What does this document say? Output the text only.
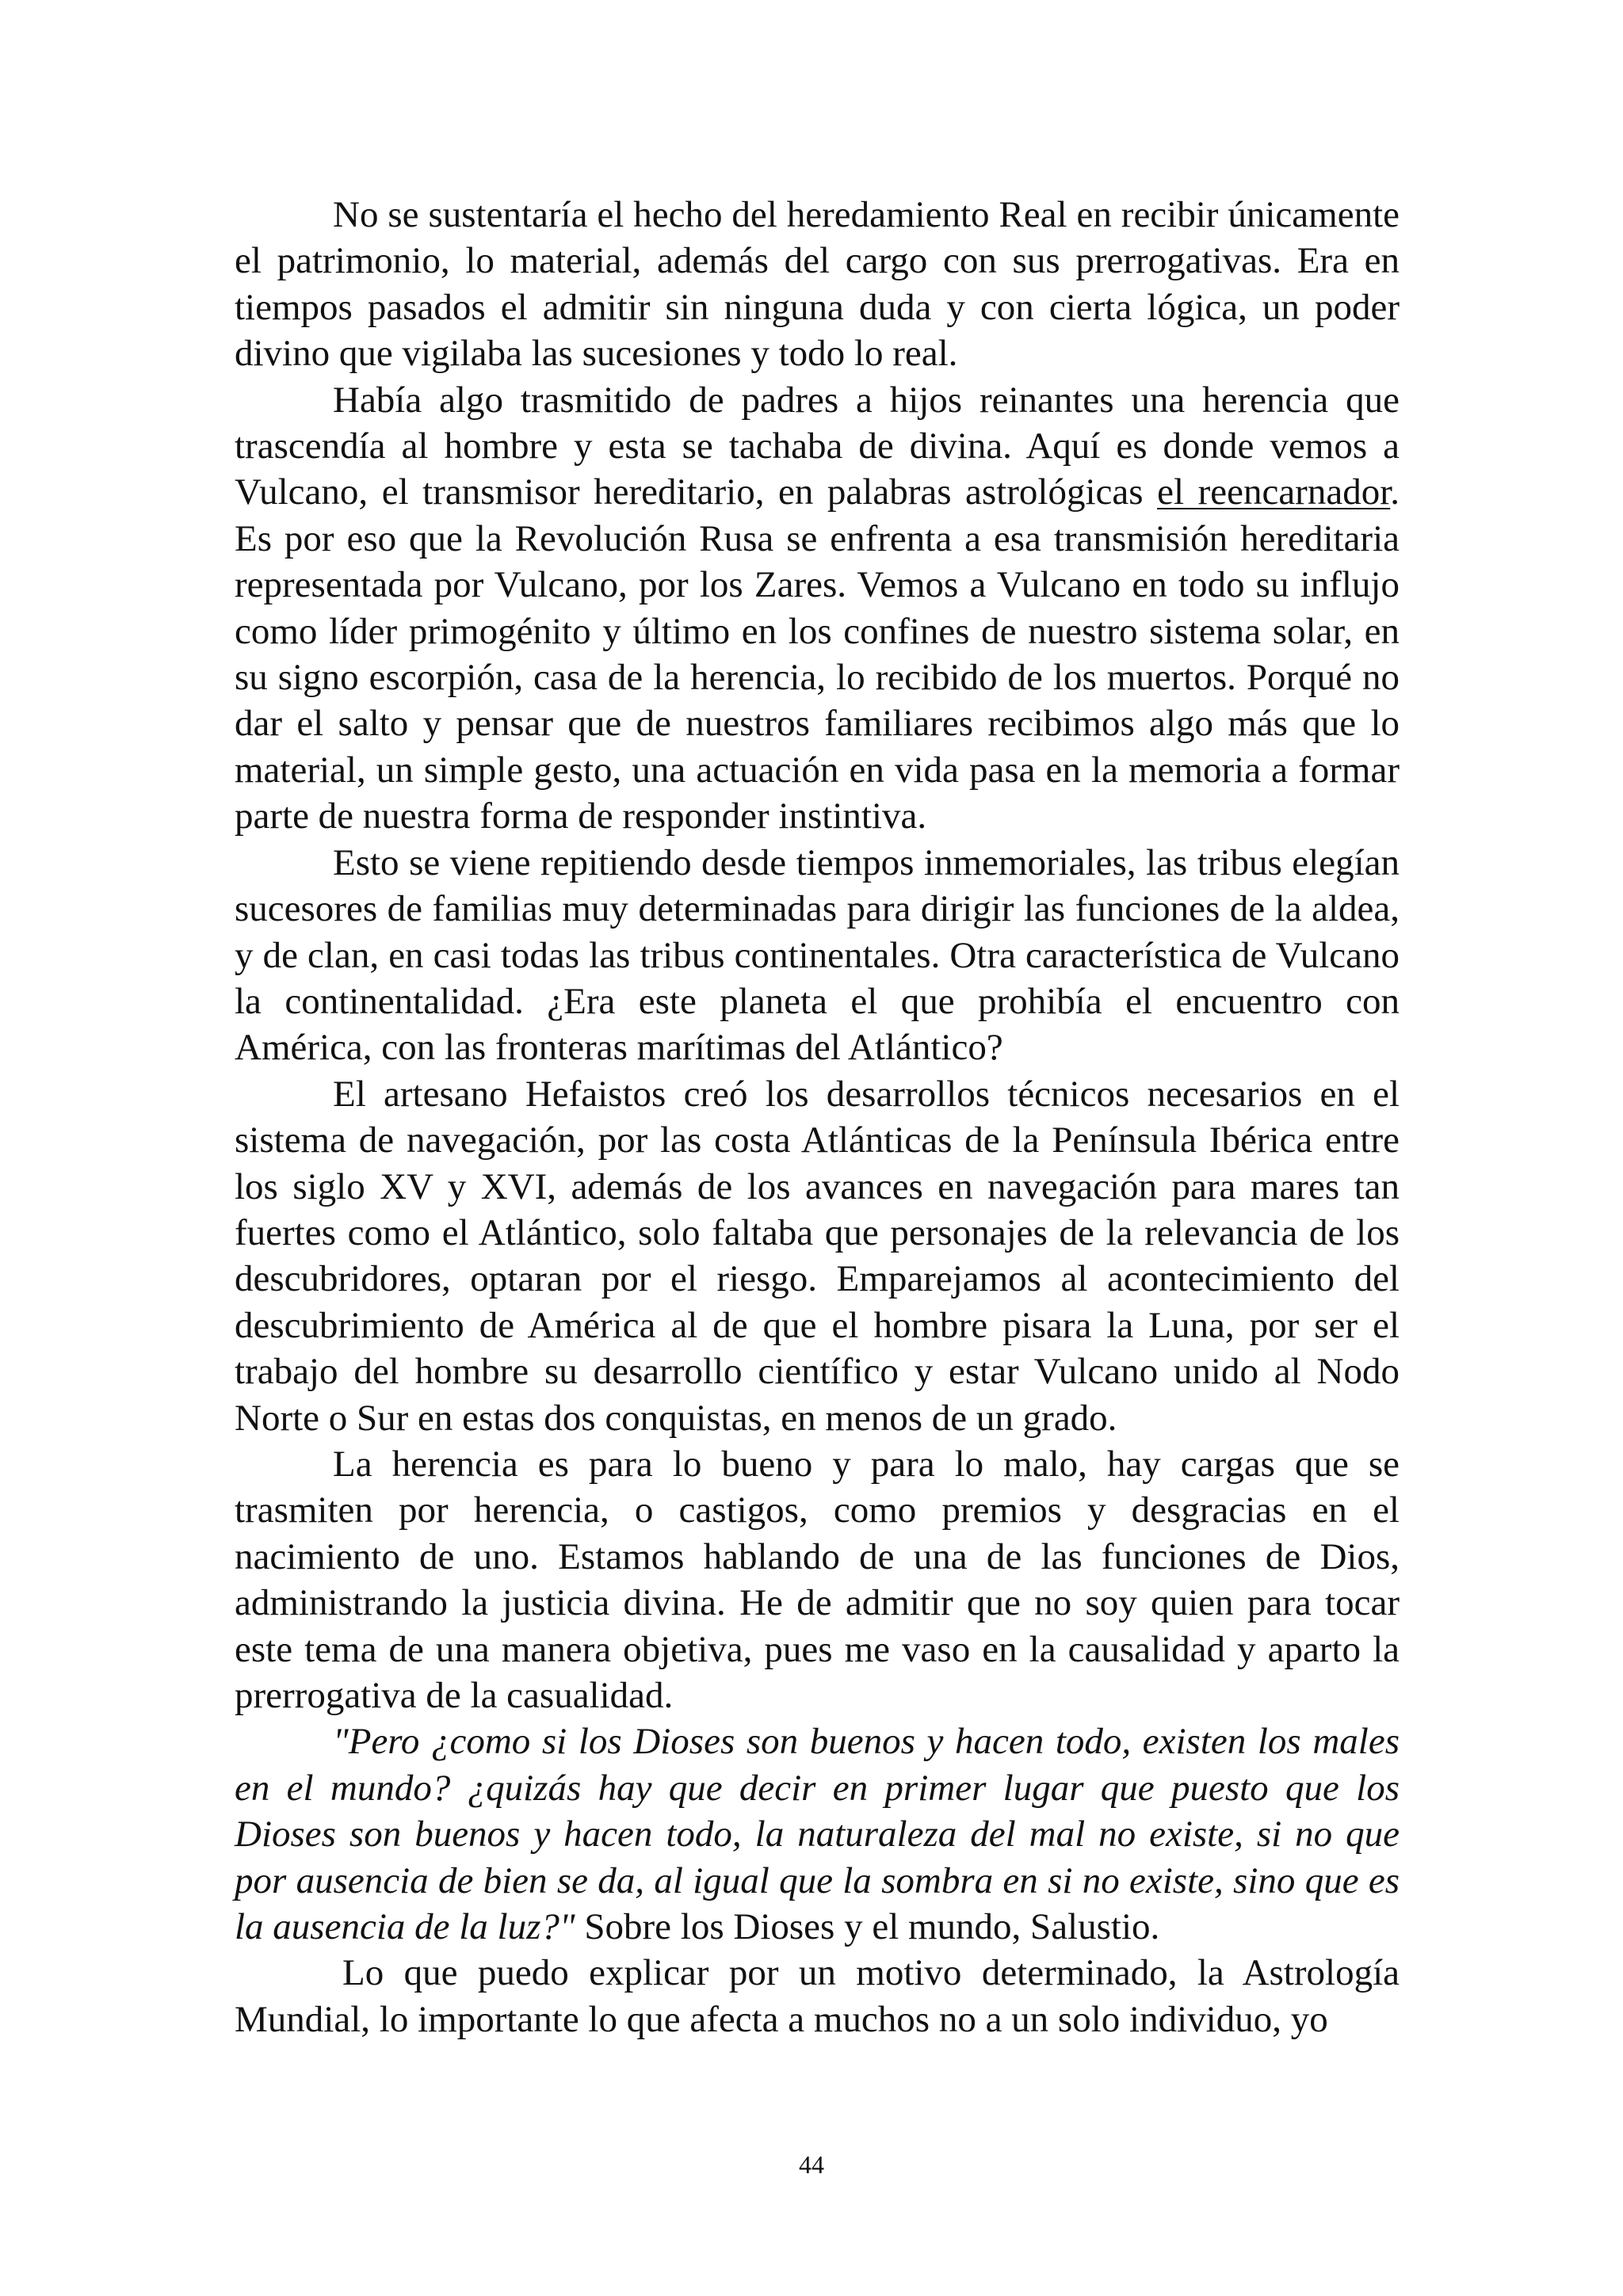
No se sustentaría el hecho del heredamiento Real en recibir únicamente el patrimonio, lo material, además del cargo con sus prerrogativas. Era en tiempos pasados el admitir sin ninguna duda y con cierta lógica, un poder divino que vigilaba las sucesiones y todo lo real.

Había algo trasmitido de padres a hijos reinantes una herencia que trascendía al hombre y esta se tachaba de divina. Aquí es donde vemos a Vulcano, el transmisor hereditario, en palabras astrológicas el reencarnador. Es por eso que la Revolución Rusa se enfrenta a esa transmisión hereditaria representada por Vulcano, por los Zares. Vemos a Vulcano en todo su influjo como líder primogénito y último en los confines de nuestro sistema solar, en su signo escorpión, casa de la herencia, lo recibido de los muertos. Porqué no dar el salto y pensar que de nuestros familiares recibimos algo más que lo material, un simple gesto, una actuación en vida pasa en la memoria a formar parte de nuestra forma de responder instintiva.

Esto se viene repitiendo desde tiempos inmemoriales, las tribus elegían sucesores de familias muy determinadas para dirigir las funciones de la aldea, y de clan, en casi todas las tribus continentales. Otra característica de Vulcano la continentalidad. ¿Era este planeta el que prohibía el encuentro con América, con las fronteras marítimas del Atlántico?

El artesano Hefaistos creó los desarrollos técnicos necesarios en el sistema de navegación, por las costa Atlánticas de la Península Ibérica entre los siglo XV y XVI, además de los avances en navegación para mares tan fuertes como el Atlántico, solo faltaba que personajes de la relevancia de los descubridores, optaran por el riesgo. Emparejamos al acontecimiento del descubrimiento de América al de que el hombre pisara la Luna, por ser el trabajo del hombre su desarrollo científico y estar Vulcano unido al Nodo Norte o Sur en estas dos conquistas, en menos de un grado.

La herencia es para lo bueno y para lo malo, hay cargas que se trasmiten por herencia, o castigos, como premios y desgracias en el nacimiento de uno. Estamos hablando de una de las funciones de Dios, administrando la justicia divina. He de admitir que no soy quien para tocar este tema de una manera objetiva, pues me vaso en la causalidad y aparto la prerrogativa de la casualidad.

"Pero ¿como si los Dioses son buenos y hacen todo, existen los males en el mundo? ¿quizás hay que decir en primer lugar que puesto que los Dioses son buenos y hacen todo, la naturaleza del mal no existe, si no que por ausencia de bien se da, al igual que la sombra en si no existe, sino que es la ausencia de la luz?" Sobre los Dioses y el mundo, Salustio.

Lo que puedo explicar por un motivo determinado, la Astrología Mundial, lo importante lo que afecta a muchos no a un solo individuo, yo

44
